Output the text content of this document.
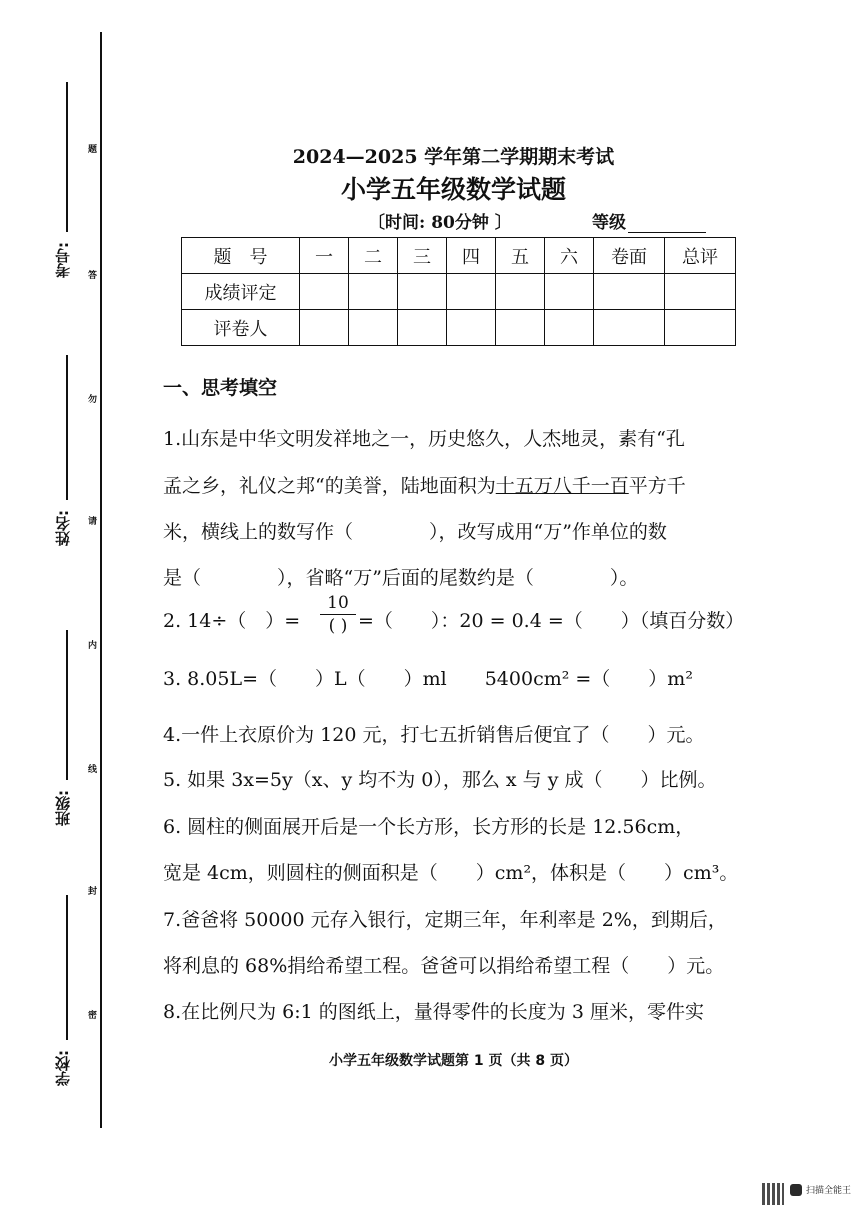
考号:
姓名:
班级:
学校:
题
答
勿
请
内
线
封
密
2024—2025 学年第二学期期末考试
小学五年级数学试题
〔时间: 80分钟 〕	等级
题　号	一	二	三	四	五	六	卷面	总评
成绩评定								
评卷人								
一、思考填空
1.山东是中华文明发祥地之一，历史悠久，人杰地灵，素有“孔
孟之乡，礼仪之邦“的美誉，陆地面积为十五万八千一百平方千
米，横线上的数写作（　　　　），改写成用“万”作单位的数
是（　　　　），省略“万”后面的尾数约是（　　　　）。
2. 14÷（　）=
10
( ) =（　　）：20 = 0.4 =（　　）（填百分数）
3. 8.05L=（　　）L（　　）ml　　5400cm² =（　　）m²
4.一件上衣原价为 120 元，打七五折销售后便宜了（　　）元。
5. 如果 3x=5y（x、y 均不为 0），那么 x 与 y 成（　　）比例。
6. 圆柱的侧面展开后是一个长方形，长方形的长是 12.56cm，
宽是 4cm，则圆柱的侧面积是（　　）cm²，体积是（　　）cm³。
7.爸爸将 50000 元存入银行，定期三年，年利率是 2%，到期后，
将利息的 68%捐给希望工程。爸爸可以捐给希望工程（　　）元。
8.在比例尺为 6:1 的图纸上，量得零件的长度为 3 厘米，零件实
小学五年级数学试题第 1 页（共 8 页）
扫描全能王
